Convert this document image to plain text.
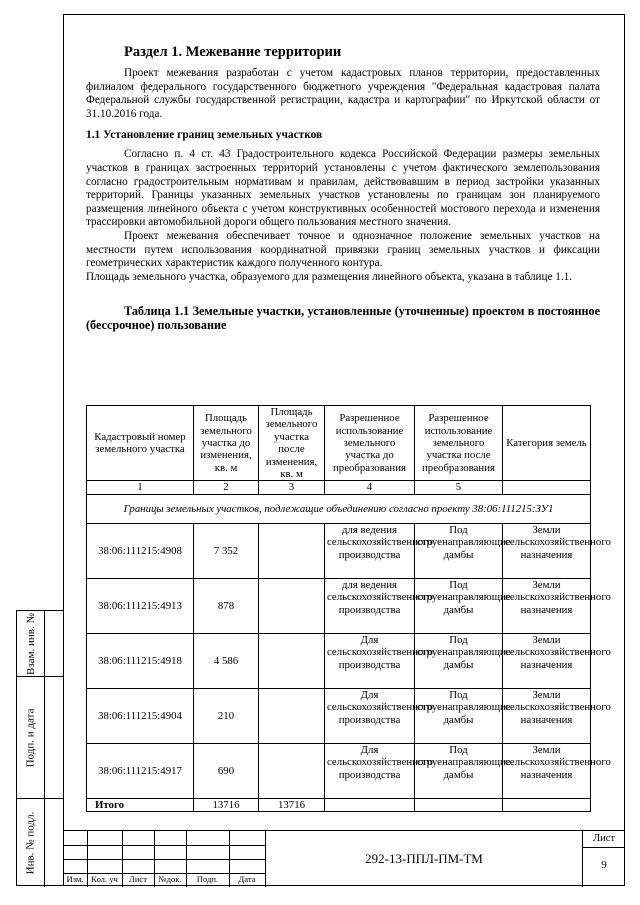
Раздел 1. Межевание территории

Проект межевания разработан с учетом кадастровых планов территории, предоставленных филиалом федерального государственного бюджетного учреждения "Федеральная кадастровая палата Федеральной службы государственной регистрации, кадастра и картографии" по Иркутской области от 31.10.2016 года.

1.1 Установление границ земельных участков

Согласно п. 4 ст. 43 Градостроительного кодекса Российской Федерации размеры земельных участков в границах застроенных территорий установлены с учетом фактического землепользования согласно градостроительным нормативам и правилам, действовавшим в период застройки указанных территорий. Границы указанных земельных участков установлены по границам зон планируемого размещения линейного объекта с учетом конструктивных особенностей мостового перехода и изменения трассировки автомобильной дороги общего пользования местного значения.

Проект межевания обеспечивает точное и однозначное положение земельных участков на местности путем использования координатной привязки границ земельных участков и фиксации геометрических характеристик каждого полученного контура.

Площадь земельного участка, образуемого для размещения линейного объекта, указана в таблице 1.1.

Таблица 1.1 Земельные участки, установленные (уточненные) проектом в постоянное (бессрочное) пользование
Кадастровый номер земельного участка	Площадь земельного участка до изменения, кв. м	Площадь земельного участка после изменения, кв. м	Разрешенное использование земельного участка до преобразования	Разрешенное использование земельного участка после преобразования	Категория земель
1	2	3	4	5	
Границы земельных участков, подлежащие объединению согласно проекту 38:06:111215:ЗУ1					
38:06:111215:4908	7 352		для ведения сельскохозяйственного производства	Под струенаправляющие дамбы	Земли сельскохозяйственного назначения
38:06:111215:4913	878		для ведения сельскохозяйственного производства	Под струенаправляющие дамбы	Земли сельскохозяйственного назначения
38:06:111215:4918	4 586		Для сельскохозяйственного производства	Под струенаправляющие дамбы	Земли сельскохозяйственного назначения
38:06:111215:4904	210		Для сельскохозяйственного производства	Под струенаправляющие дамбы	Земли сельскохозяйственного назначения
38:06:111215:4917	690		Для сельскохозяйственного производства	Под струенаправляющие дамбы	Земли сельскохозяйственного назначения
Итого	13716	13716			
Взам. инв. №
Подп. и дата
Инв. № подл.
Изм. Кол. уч	Лист	№док.	Подп.	Дата
292-13-ППЛ-ПМ-ТМ
Лист
9
